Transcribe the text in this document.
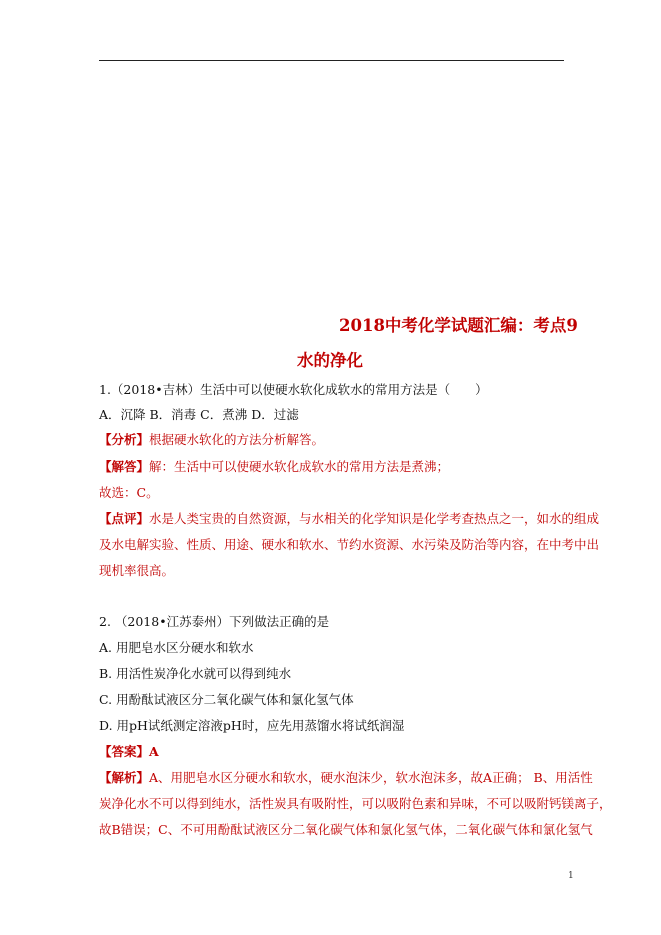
2018中考化学试题汇编：考点9
水的净化
1.（2018•吉林）生活中可以使硬水软化成软水的常用方法是（　　）
A．沉降 B．消毒 C．煮沸 D．过滤
【分析】根据硬水软化的方法分析解答。
【解答】解：生活中可以使硬水软化成软水的常用方法是煮沸；
故选：C。
【点评】水是人类宝贵的自然资源，与水相关的化学知识是化学考查热点之一，如水的组成
及水电解实验、性质、用途、硬水和软水、节约水资源、水污染及防治等内容，在中考中出
现机率很高。
2. （2018•江苏泰州）下列做法正确的是
A. 用肥皂水区分硬水和软水
B. 用活性炭净化水就可以得到纯水
C. 用酚酞试液区分二氧化碳气体和氯化氢气体
D. 用pH试纸测定溶液pH时，应先用蒸馏水将试纸润湿
【答案】A
【解析】A、用肥皂水区分硬水和软水，硬水泡沫少，软水泡沫多，故A正确； B、用活性
炭净化水不可以得到纯水，活性炭具有吸附性，可以吸附色素和异味，不可以吸附钙镁离子，
故B错误；C、不可用酚酞试液区分二氧化碳气体和氯化氢气体，二氧化碳气体和氯化氢气
1
